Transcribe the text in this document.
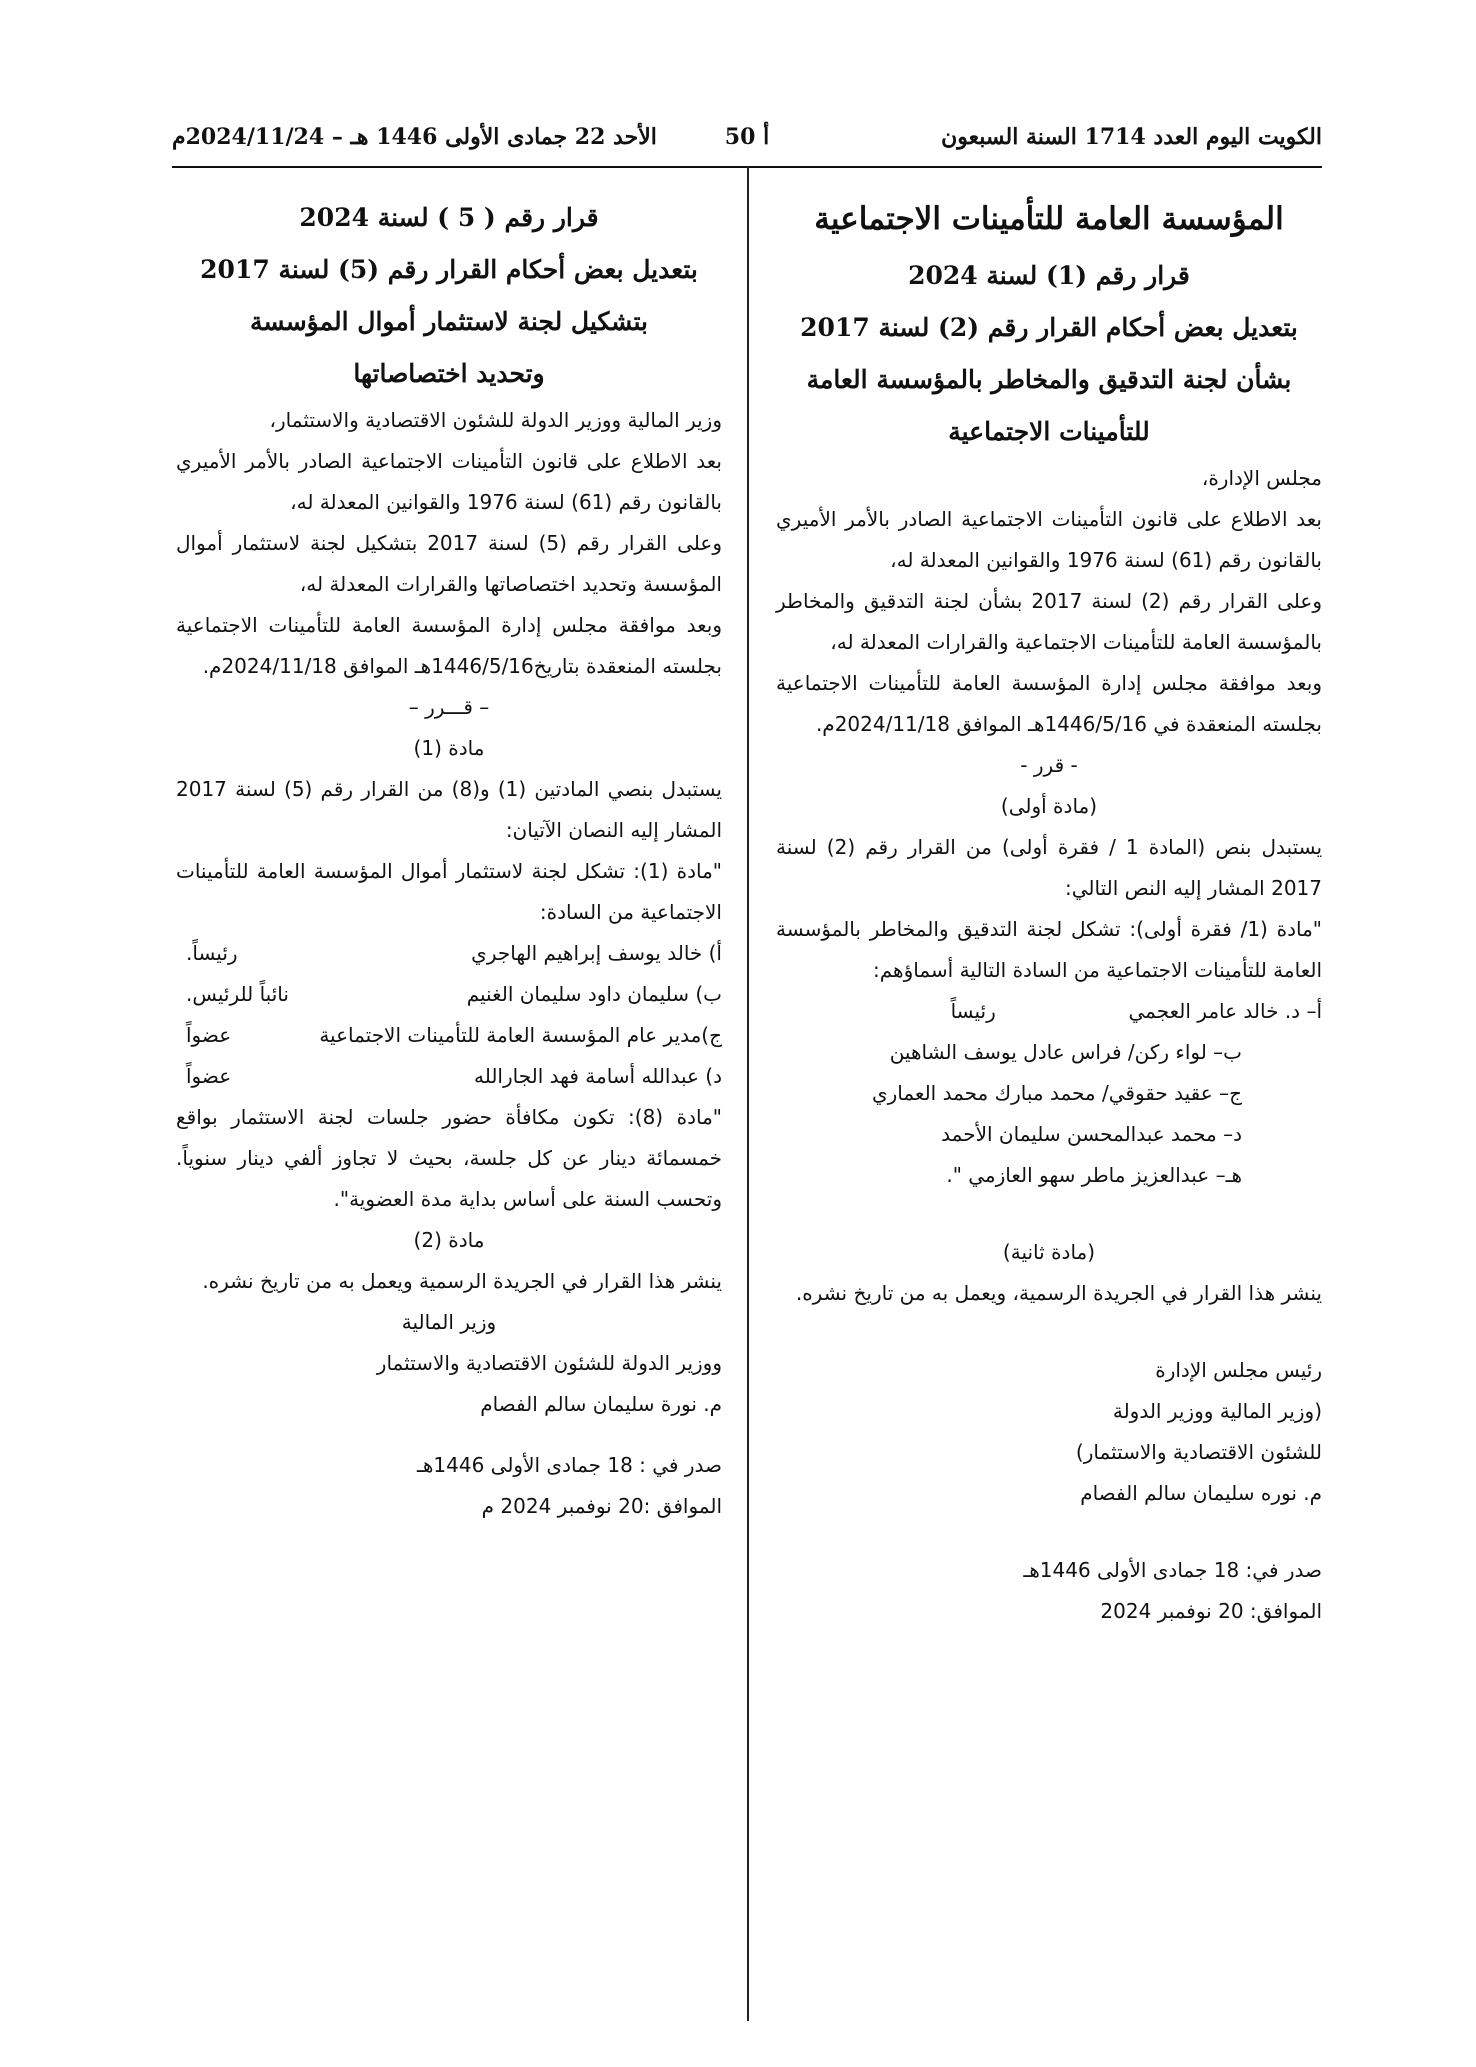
الكويت اليوم العدد 1714 السنة السبعون
أ 50
الأحد 22 جمادى الأولى 1446 هـ – 2024/11/24م
المؤسسة العامة للتأمينات الاجتماعية
قرار رقم (1) لسنة 2024
بتعديل بعض أحكام القرار رقم (2) لسنة 2017
بشأن لجنة التدقيق والمخاطر بالمؤسسة العامة
للتأمينات الاجتماعية

مجلس الإدارة،

بعد الاطلاع على قانون التأمينات الاجتماعية الصادر بالأمر الأميري بالقانون رقم (61) لسنة 1976 والقوانين المعدلة له،

وعلى القرار رقم (2) لسنة 2017 بشأن لجنة التدقيق والمخاطر بالمؤسسة العامة للتأمينات الاجتماعية والقرارات المعدلة له،

وبعد موافقة مجلس إدارة المؤسسة العامة للتأمينات الاجتماعية بجلسته المنعقدة في 1446/5/16هـ الموافق 2024/11/18م.

- قرر -

(مادة أولى)

يستبدل بنص (المادة 1 / فقرة أولى) من القرار رقم (2) لسنة 2017 المشار إليه النص التالي:

"مادة (1/ فقرة أولى): تشكل لجنة التدقيق والمخاطر بالمؤسسة العامة للتأمينات الاجتماعية من السادة التالية أسماؤهم:

أ– د. خالد عامر العجمي  رئيساً

ب– لواء ركن/ فراس عادل يوسف الشاهين

ج– عقيد حقوقي/ محمد مبارك محمد العماري

د– محمد عبدالمحسن سليمان الأحمد

هـ– عبدالعزيز ماطر سهو العازمي ".

(مادة ثانية)

ينشر هذا القرار في الجريدة الرسمية، ويعمل به من تاريخ نشره.

رئيس مجلس الإدارة

(وزير المالية ووزير الدولة

للشئون الاقتصادية والاستثمار)

م. نوره سليمان سالم الفصام

صدر في: 18 جمادى الأولى 1446هـ

الموافق: 20 نوفمبر 2024

قرار رقم ( 5 ) لسنة 2024
بتعديل بعض أحكام القرار رقم (5) لسنة 2017
بتشكيل لجنة لاستثمار أموال المؤسسة
وتحديد اختصاصاتها

وزير المالية ووزير الدولة للشئون الاقتصادية والاستثمار،

بعد الاطلاع على قانون التأمينات الاجتماعية الصادر بالأمر الأميري بالقانون رقم (61) لسنة 1976 والقوانين المعدلة له،

وعلى القرار رقم (5) لسنة 2017 بتشكيل لجنة لاستثمار أموال المؤسسة وتحديد اختصاصاتها والقرارات المعدلة له،

وبعد موافقة مجلس إدارة المؤسسة العامة للتأمينات الاجتماعية بجلسته المنعقدة بتاريخ1446/5/16هـ الموافق 2024/11/18م.

– قـــرر –

مادة (1)

يستبدل بنصي المادتين (1) و(8) من القرار رقم (5) لسنة 2017 المشار إليه النصان الآتيان:

"مادة (1): تشكل لجنة لاستثمار أموال المؤسسة العامة للتأمينات الاجتماعية من السادة:

أ) خالد يوسف إبراهيم الهاجري
رئيساً.
ب) سليمان داود سليمان الغنيم
نائباً للرئيس.
ج)مدير عام المؤسسة العامة للتأمينات الاجتماعية
عضواً
د) عبدالله أسامة فهد الجارالله
عضواً

"مادة (8): تكون مكافأة حضور جلسات لجنة الاستثمار بواقع خمسمائة دينار عن كل جلسة، بحيث لا تجاوز ألفي دينار سنوياً. وتحسب السنة على أساس بداية مدة العضوية".

مادة (2)

ينشر هذا القرار في الجريدة الرسمية ويعمل به من تاريخ نشره.

وزير المالية

ووزير الدولة للشئون الاقتصادية والاستثمار

م. نورة سليمان سالم الفصام

صدر في : 18 جمادى الأولى 1446هـ

الموافق :20 نوفمبر 2024 م
